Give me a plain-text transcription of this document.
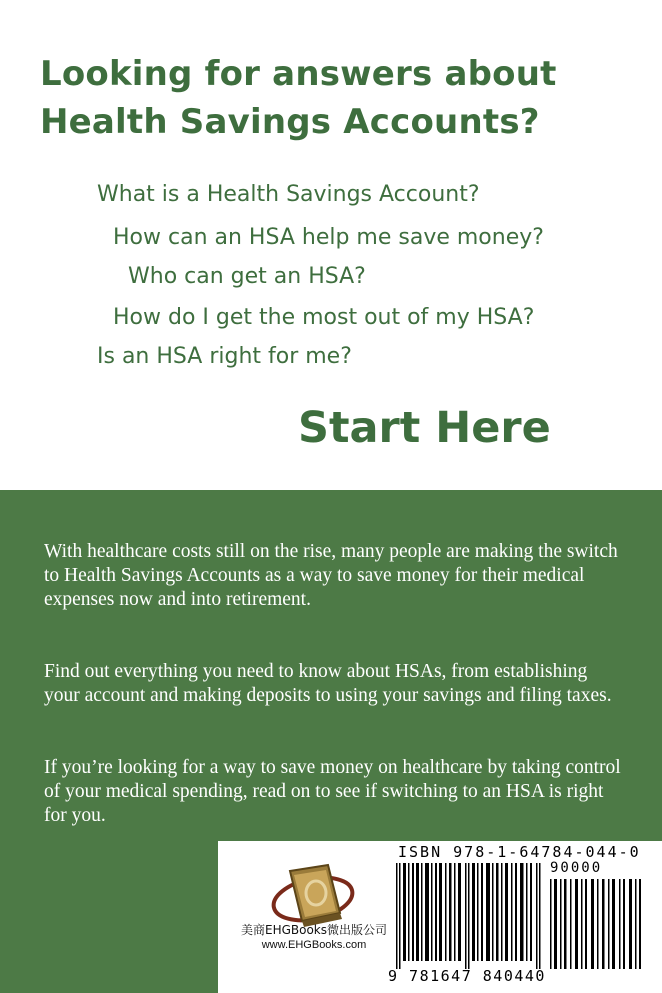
Looking for answers about Health Savings Accounts?

What is a Health Savings Account?

How can an HSA help me save money?

Who can get an HSA?

How do I get the most out of my HSA?

Is an HSA right for me?

Start Here

With healthcare costs still on the rise, many people are making the switch to Health Savings Accounts as a way to save money for their medical expenses now and into retirement.

Find out everything you need to know about HSAs, from establishing your account and making deposits to using your savings and filing taxes.

If you’re looking for a way to save money on healthcare by taking control of your medical spending, read on to see if switching to an HSA is right for you.

美商EHGBooks微出版公司

www.EHGBooks.com

ISBN 978-1-64784-044-0

90000

9 781647 840440
